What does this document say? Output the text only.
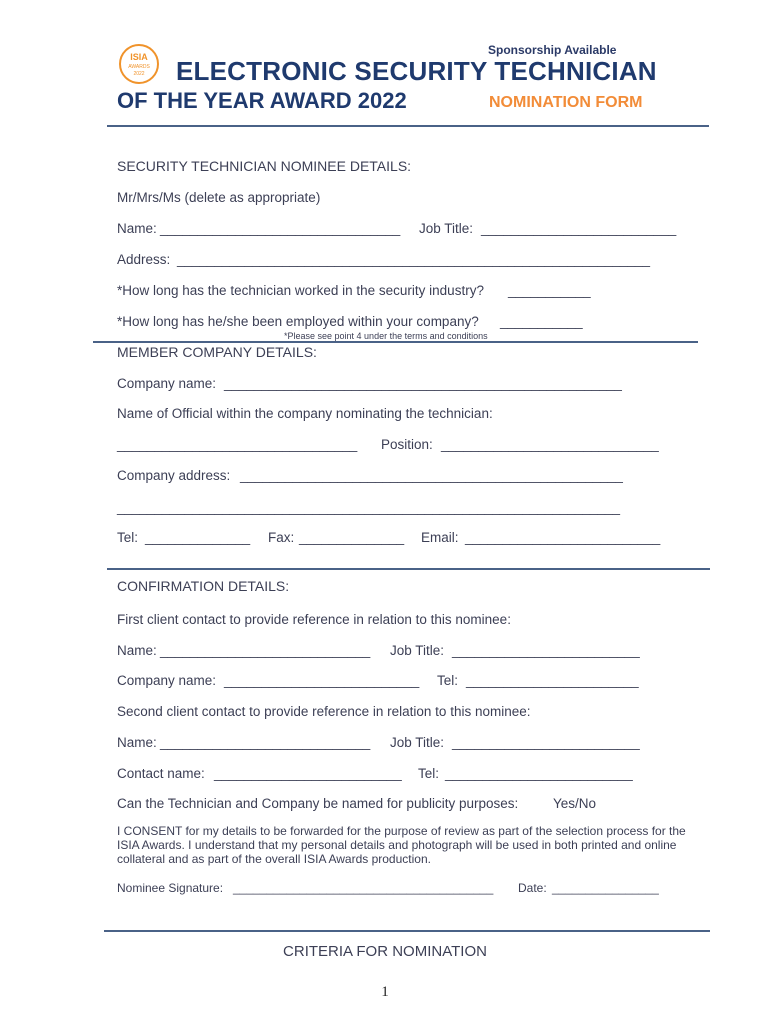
ISIA
AWARDS
2022
Sponsorship Available
ELECTRONIC SECURITY TECHNICIAN
OF THE YEAR AWARD 2022	NOMINATION FORM
SECURITY TECHNICIAN NOMINEE DETAILS:
Mr/Mrs/Ms (delete as appropriate)
Name: ________________________________ Job Title: __________________________
Address: _______________________________________________________________
*How long has the technician worked in the security industry? ___________
*How long has he/she been employed within your company? ___________
*Please see point 4 under the terms and conditions
MEMBER COMPANY DETAILS:
Company name: _____________________________________________________
Name of Official within the company nominating the technician:
________________________________ Position: _____________________________
Company address: ___________________________________________________
___________________________________________________________________
Tel: ______________ Fax: ______________ Email: __________________________
CONFIRMATION DETAILS:
First client contact to provide reference in relation to this nominee:
Name: ____________________________ Job Title: _________________________
Company name: __________________________ Tel: _______________________
Second client contact to provide reference in relation to this nominee:
Name: ____________________________ Job Title: _________________________
Contact name: _________________________ Tel: _________________________
Can the Technician and Company be named for publicity purposes:	Yes/No
I CONSENT for my details to be forwarded for the purpose of review as part of the selection process for the ISIA Awards. I understand that my personal details and photograph will be used in both printed and online collateral and as part of the overall ISIA Awards production.
Nominee Signature: _______________________________________ Date: ________________
CRITERIA FOR NOMINATION
1
